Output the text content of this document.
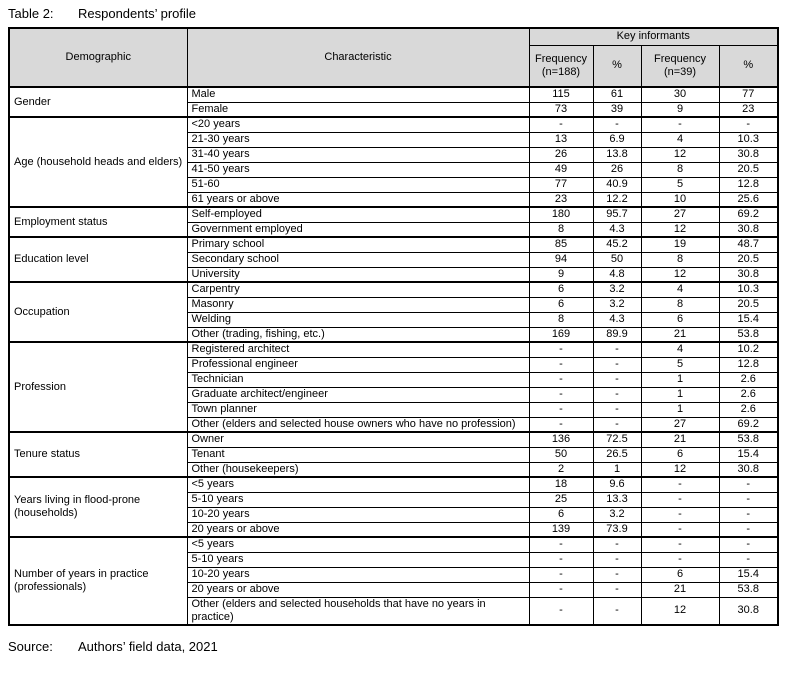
Table 2:	Respondents’ profile
Demographic	Characteristic	Key informants			
		Frequency (n=188)	%	Frequency (n=39)	%
Gender	Male	115	61	30	77
	Female	73	39	9	23
Age (household heads and elders)	<20 years	-	-	-	-
	21-30 years	13	6.9	4	10.3
	31-40 years	26	13.8	12	30.8
	41-50 years	49	26	8	20.5
	51-60	77	40.9	5	12.8
	61 years or above	23	12.2	10	25.6
Employment status	Self-employed	180	95.7	27	69.2
	Government employed	8	4.3	12	30.8
Education level	Primary school	85	45.2	19	48.7
	Secondary school	94	50	8	20.5
	University	9	4.8	12	30.8
Occupation	Carpentry	6	3.2	4	10.3
	Masonry	6	3.2	8	20.5
	Welding	8	4.3	6	15.4
	Other (trading, fishing, etc.)	169	89.9	21	53.8
Profession	Registered architect	-	-	4	10.2
	Professional engineer	-	-	5	12.8
	Technician	-	-	1	2.6
	Graduate architect/engineer	-	-	1	2.6
	Town planner	-	-	1	2.6
	Other (elders and selected house owners who have no profession)	-	-	27	69.2
Tenure status	Owner	136	72.5	21	53.8
	Tenant	50	26.5	6	15.4
	Other (housekeepers)	2	1	12	30.8
Years living in flood-prone (households)	<5 years	18	9.6	-	-
	5-10 years	25	13.3	-	-
	10-20 years	6	3.2	-	-
	20 years or above	139	73.9	-	-
Number of years in practice (professionals)	<5 years	-	-	-	-
	5-10 years	-	-	-	-
	10-20 years	-	-	6	15.4
	20 years or above	-	-	21	53.8
	Other (elders and selected households that have no years in practice)	-	-	12	30.8
Source:	Authors’ field data, 2021
